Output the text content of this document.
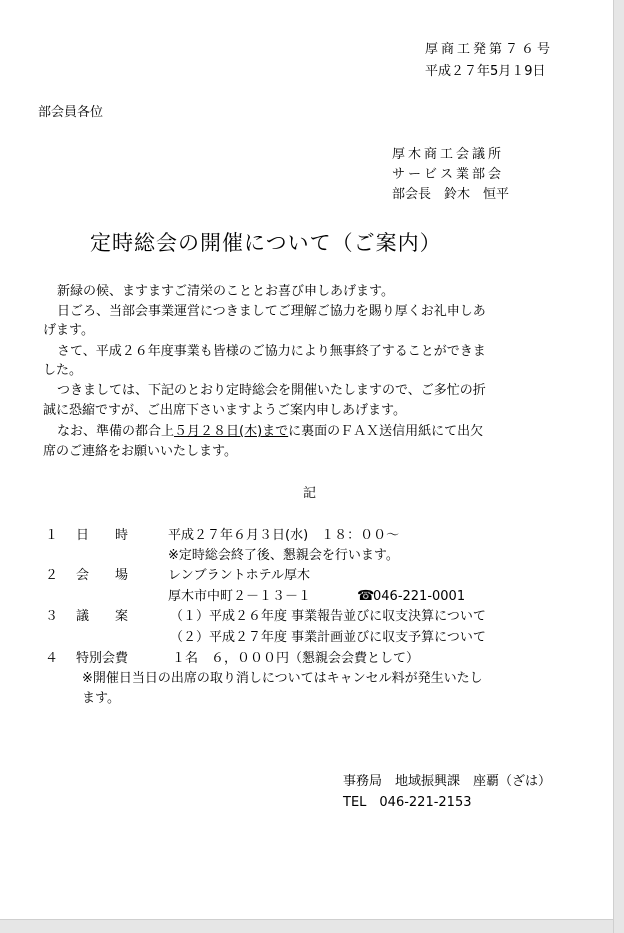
厚商工発第７６号
平成２７年5月１9日
部会員各位
厚木商工会議所
サービス業部会
部会長　鈴木　恒平
定時総会の開催について（ご案内）
新緑の候、ますますご清栄のこととお喜び申しあげます。
日ごろ、当部会事業運営につきましてご理解ご協力を賜り厚くお礼申しあ
げます。
さて、平成２６年度事業も皆様のご協力により無事終了することができま
した。
つきましては、下記のとおり定時総会を開催いたしますので、ご多忙の折
誠に恐縮ですが、ご出席下さいますようご案内申しあげます。
なお、準備の都合上５月２８日(木)までに裏面のＦＡＸ送信用紙にて出欠
席のご連絡をお願いいたします。
記
１ 日　　時	平成２７年６月３日(水)　１８：００～
※定時総会終了後、懇親会を行います。
２ 会　　場	レンブラントホテル厚木
厚木市中町２－１３－１	☎
046-221-0001
３ 議　　案	（１）平成２６年度 事業報告並びに収支決算について
（２）平成２７年度 事業計画並びに収支予算について
４ 特別会費	１名　６，０００円（懇親会会費として）
※開催日当日の出席の取り消しについてはキャンセル料が発生いたし
ます。
事務局　地域振興課　座覇（ざは）
TEL　046-221-2153
